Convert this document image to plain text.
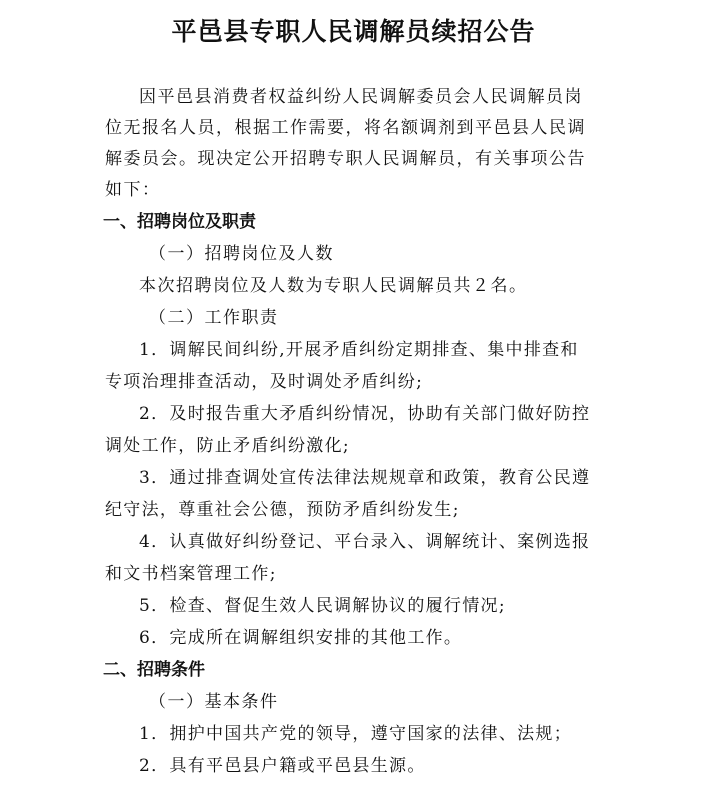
平邑县专职人民调解员续招公告

因平邑县消费者权益纠纷人民调解委员会人民调解员岗位无报名人员，根据工作需要，将名额调剂到平邑县人民调解委员会。现决定公开招聘专职人民调解员，有关事项公告如下：

一、招聘岗位及职责

（一）招聘岗位及人数

本次招聘岗位及人数为专职人民调解员共２名。

（二）工作职责

1．调解民间纠纷,开展矛盾纠纷定期排查、集中排查和专项治理排查活动，及时调处矛盾纠纷;

2．及时报告重大矛盾纠纷情况，协助有关部门做好防控调处工作，防止矛盾纠纷激化;

3．通过排查调处宣传法律法规规章和政策，教育公民遵纪守法，尊重社会公德，预防矛盾纠纷发生;

4．认真做好纠纷登记、平台录入、调解统计、案例选报和文书档案管理工作;

5．检查、督促生效人民调解协议的履行情况;

6．完成所在调解组织安排的其他工作。

二、招聘条件

（一）基本条件

1．拥护中国共产党的领导，遵守国家的法律、法规；

2．具有平邑县户籍或平邑县生源。
